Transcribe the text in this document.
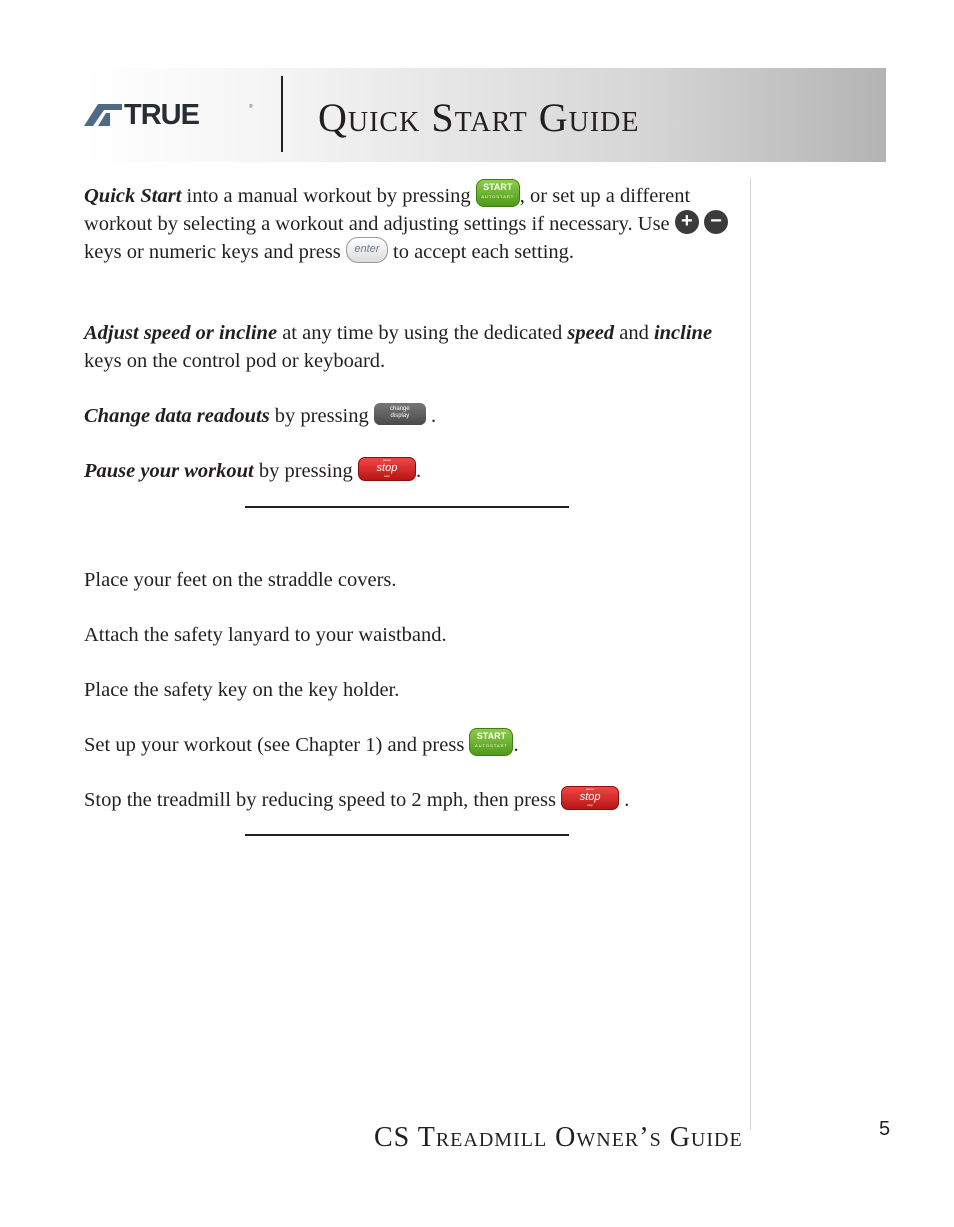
TRUE	® Quick Start Guide

Quick Start into a manual workout by pressing START
AUTOSTART , or set up a different workout by selecting a workout and adjusting settings if necessary. Use + − keys or numeric keys and press enter to accept each setting.

Adjust speed or incline at any time by using the dedicated speed and incline keys on the control pod or keyboard.

Change data readouts by pressing	change
display .

Pause your workout by pressing	pause
stop
stop	.

Place your feet on the straddle covers.

Attach the safety lanyard to your waistband.

Place the safety key on the key holder.

Set up your workout (see Chapter 1) and press START
AUTOSTART .

Stop the treadmill by reducing speed to 2 mph, then press	pause
stop
stop	.

CS Treadmill Owner’s Guide	5
